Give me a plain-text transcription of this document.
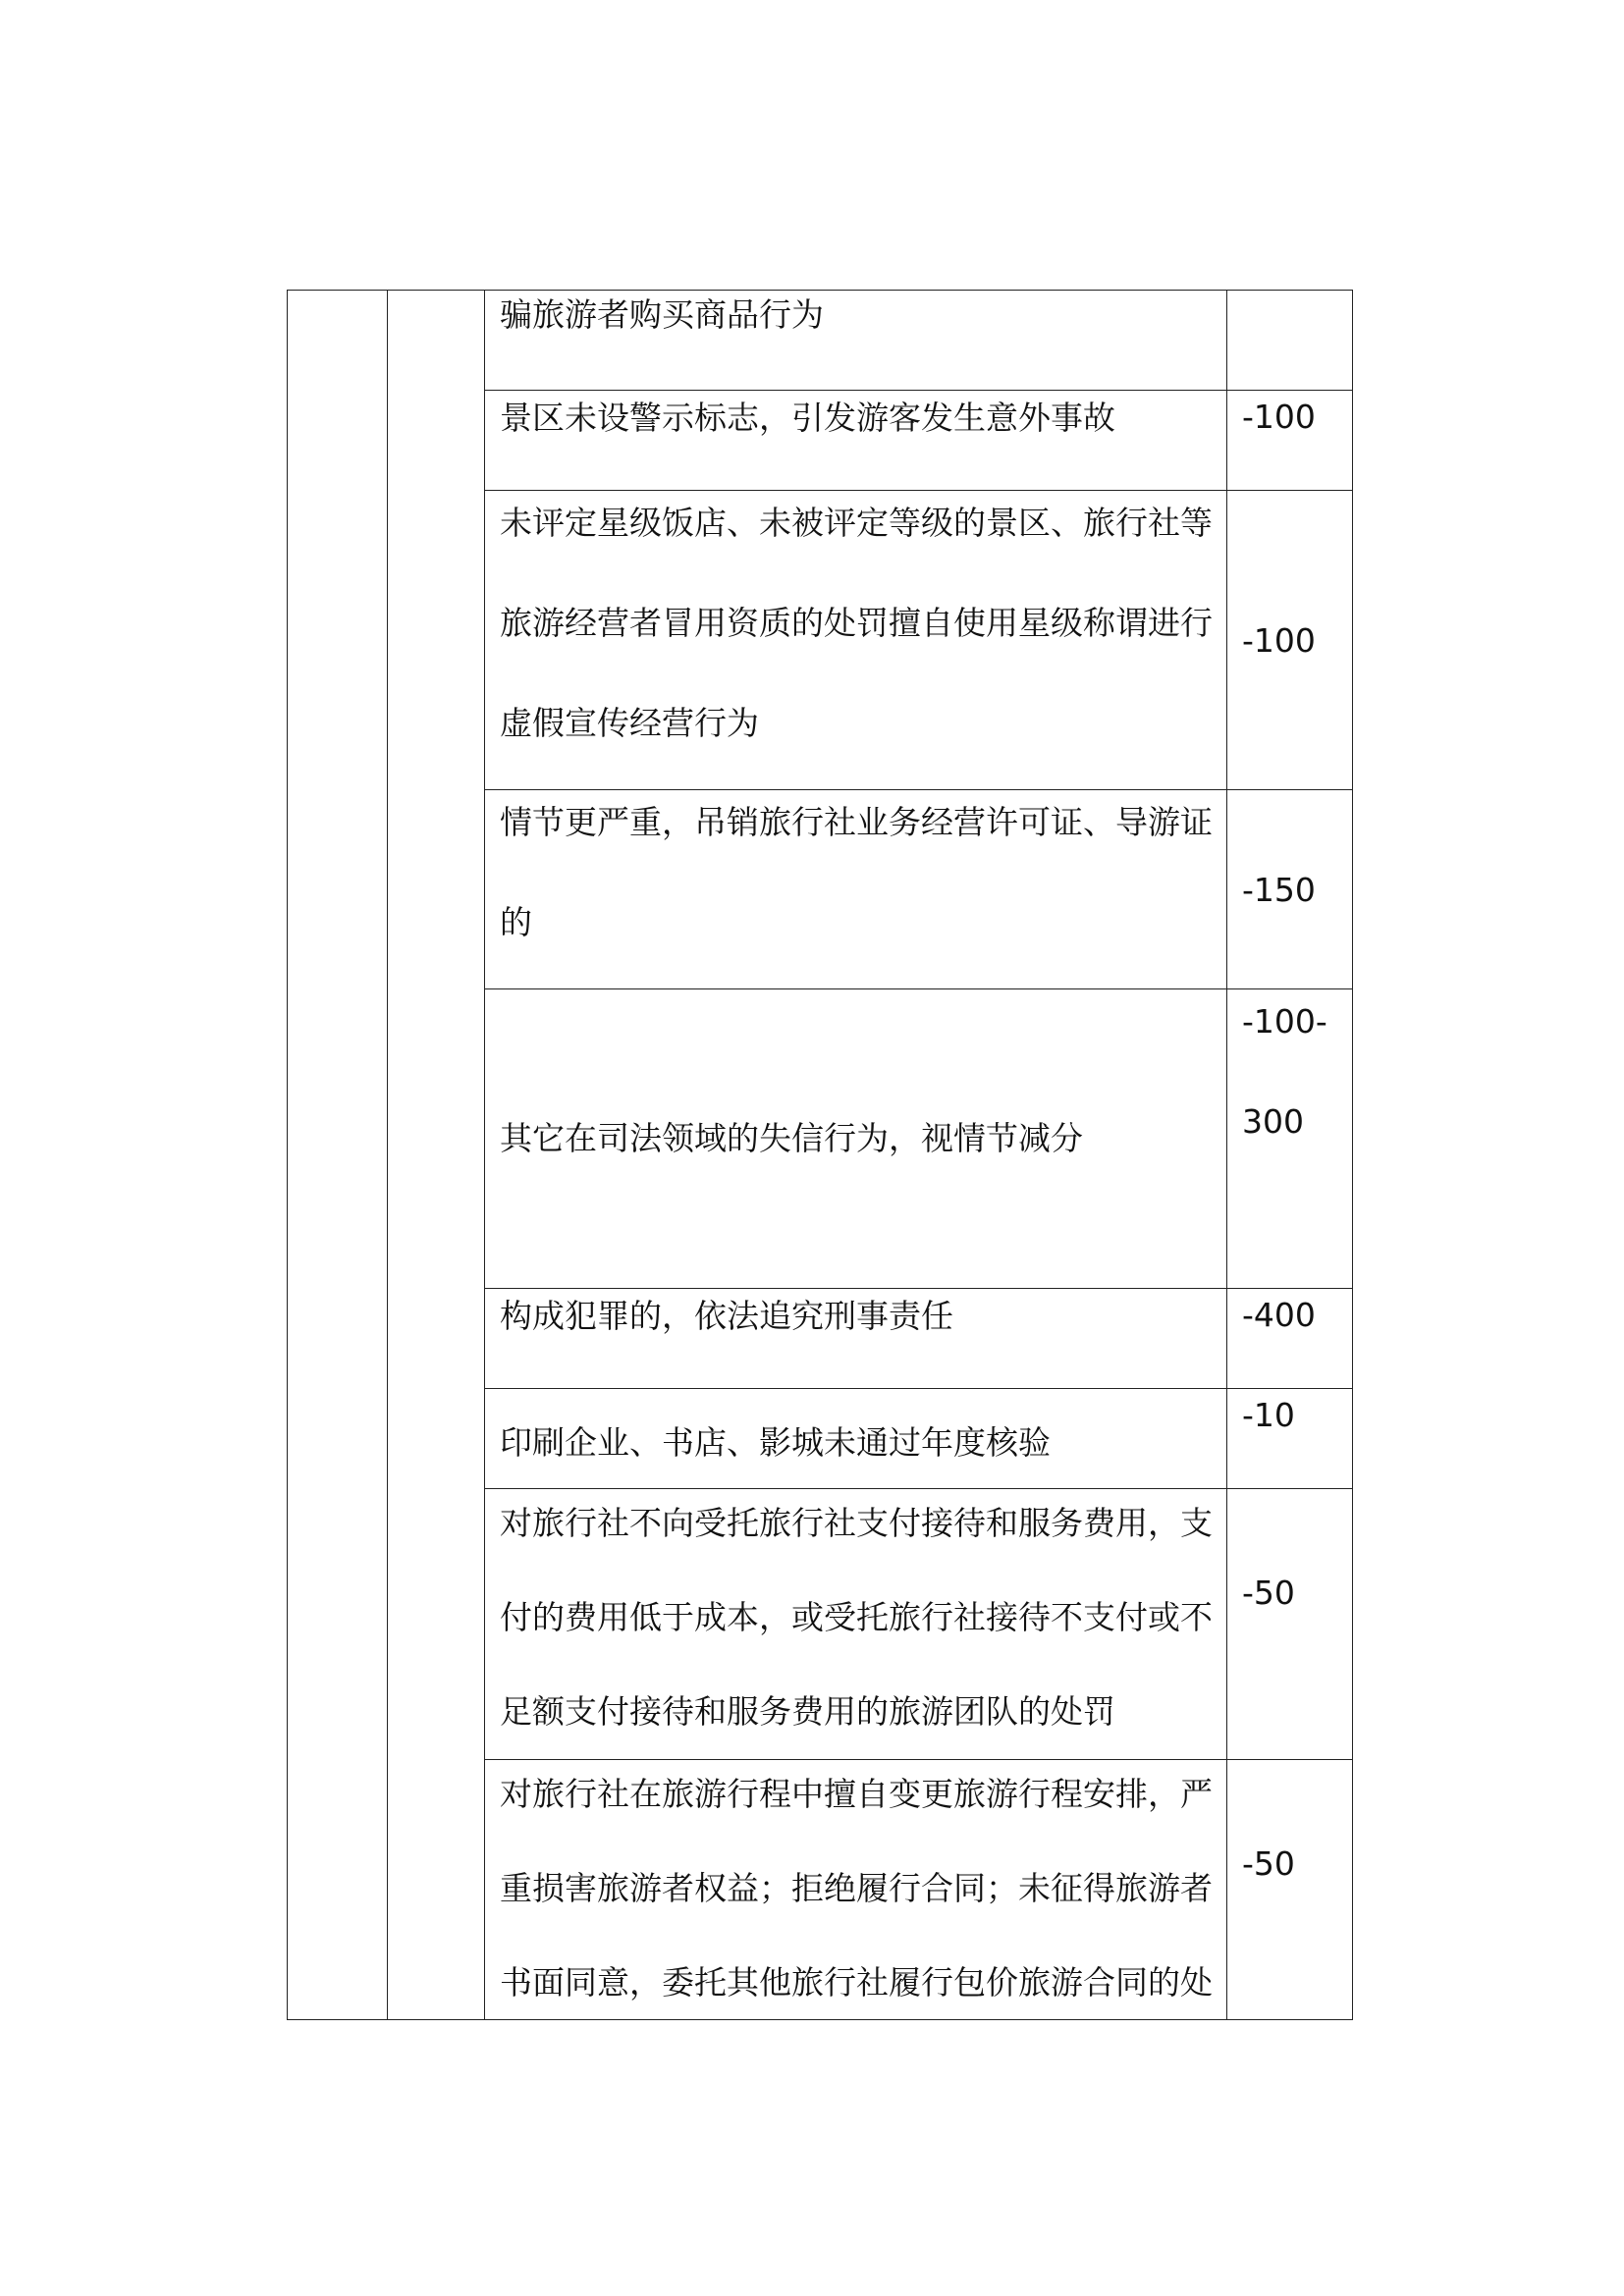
		骗旅游者购买商品行为	

		景区未设警示标志，引发游客发生意外事故	-100

		未评定星级饭店、未被评定等级的景区、旅行社等旅游经营者冒用资质的处罚擅自使用星级称谓进行虚假宣传经营行为	-100

		情节更严重，吊销旅行社业务经营许可证、导游证的	-150

		其它在司法领域的失信行为，视情节减分	-100-300

		构成犯罪的，依法追究刑事责任	-400

		印刷企业、书店、影城未通过年度核验	-10

		对旅行社不向受托旅行社支付接待和服务费用，支付的费用低于成本，或受托旅行社接待不支付或不足额支付接待和服务费用的旅游团队的处罚	-50

		对旅行社在旅游行程中擅自变更旅游行程安排，严重损害旅游者权益；拒绝履行合同；未征得旅游者书面同意，委托其他旅行社履行包价旅游合同的处	-50
